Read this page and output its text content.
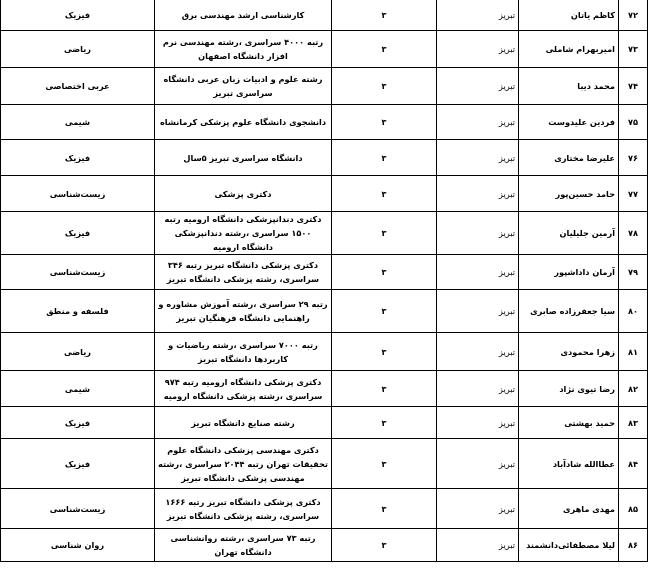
۷۲	کاظم یاتان	تبریز	۳	کارشناسی ارشد مهندسی برق	فیزیک
۷۳	امیربهرام شاملی	تبریز	۳	رتبه ۴۰۰۰ سراسری ،رشته مهندسی نرم افزار دانشگاه اصفهان	ریاضی
۷۴	محمد دیبا	تبریز	۳	رشته علوم و ادبیات زبان عربی دانشگاه سراسری تبریز	عربی اختصاصی
۷۵	فردین علیدوست	تبریز	۳	دانشجوی دانشگاه علوم پزشکی کرمانشاه	شیمی
۷۶	علیرضا مختاری	تبریز	۳	دانشگاه سراسری تبریز ۵سال	فیزیک
۷۷	حامد حسین‌پور	تبریز	۳	دکتری پزشکی	زیست‌شناسی
۷۸	آرمین جلیلیان	تبریز	۳	دکتری دندانپزشکی دانشگاه ارومیه رتبه ۱۵۰۰ سراسری ،رشته دندانپزشکی دانشگاه ارومیه	فیزیک
۷۹	آرمان داداشپور	تبریز	۳	دکتری پزشکی دانشگاه تبریز رتبه ۳۴۶ سراسری، رشته پزشکی دانشگاه تبریز	زیست‌شناسی
۸۰	سیا جعفرزاده صابری	تبریز	۳	رتبه ۲۹ سراسری ،رشته آموزش مشاوره و راهنمایی دانشگاه فرهنگیان تبریز	فلسفه و منطق
۸۱	زهرا محمودی	تبریز	۳	رتبه ۷۰۰۰ سراسری ،رشته ریاضیات و کاربردها دانشگاه تبریز	ریاضی
۸۲	رضا تیوی نژاد	تبریز	۳	دکتری پزشکی دانشگاه ارومیه رتبه ۹۷۴ سراسری ،رشته پزشکی دانشگاه ارومیه	شیمی
۸۳	حمید بهشتی	تبریز	۳	رشته صنایع دانشگاه تبریز	فیزیک
۸۴	عطاالله شادآباد	تبریز	۳	دکتری مهندسی پزشکی دانشگاه علوم تحقیقات تهران رتبه ۲۰۴۴ سراسری ،رشته مهندسی پزشکی دانشگاه تبریز	فیزیک
۸۵	مهدی ماهری	تبریز	۳	دکتری پزشکی دانشگاه تبریز رتبه ۱۶۶۶ سراسری، رشته پزشکی دانشگاه تبریز	زیست‌شناسی
۸۶	لیلا مصطفائی‌دانشمند	تبریز	۳	رتبه ۷۳ سراسری ،رشته روانشناسی دانشگاه تهران	روان شناسی
